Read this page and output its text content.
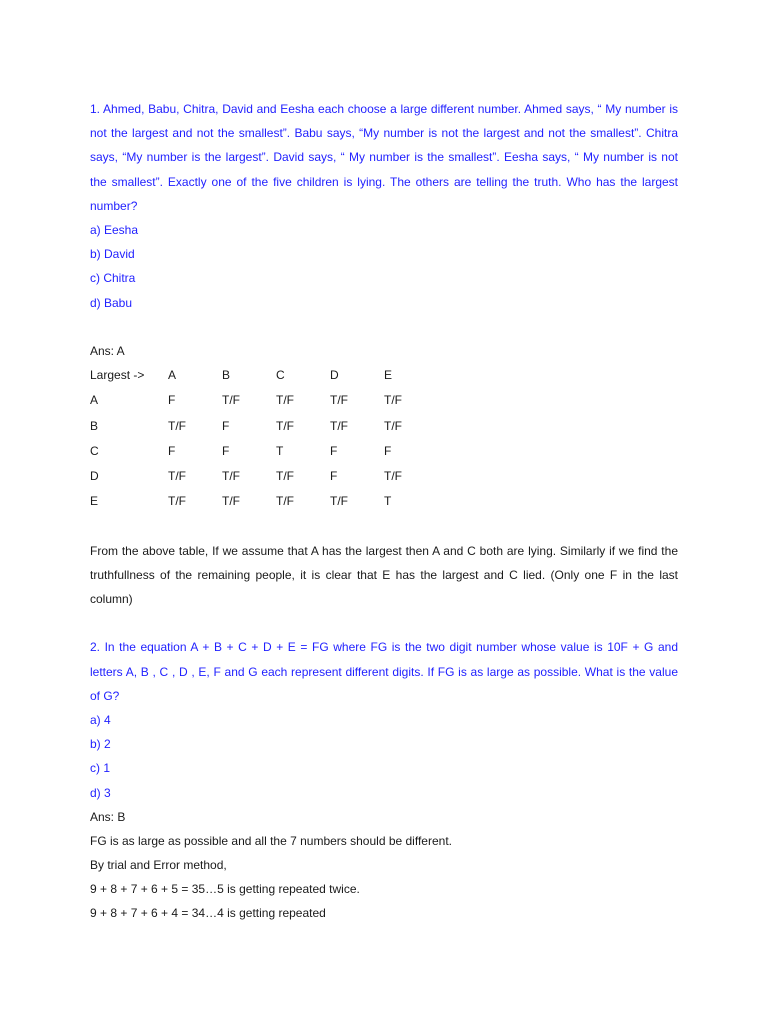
1. Ahmed, Babu, Chitra, David and Eesha each choose a large different number. Ahmed says, “ My number is not the largest and not the smallest”. Babu says, “My number is not the largest and not the smallest”. Chitra says, “My number is the largest”. David says, “ My number is the smallest”. Eesha says, “ My number is not the smallest”. Exactly one of the five children is lying. The others are telling the truth. Who has the largest number?

a) Eesha

b) David

c) Chitra

d) Babu

Ans: A

Largest ->	A	B	C	D	E
A	F	T/F	T/F	T/F	T/F
B	T/F	F	T/F	T/F	T/F
C	F	F	T	F	F
D	T/F	T/F	T/F	F	T/F
E	T/F	T/F	T/F	T/F	T

From the above table, If we assume that A has the largest then A and C both are lying. Similarly if we find the truthfullness of the remaining people, it is clear that E has the largest and C lied. (Only one F in the last column)

2. In the equation A + B + C + D + E = FG where FG is the two digit number whose value is 10F + G and letters A, B , C , D , E, F and G each represent different digits. If FG is as large as possible. What is the value of G?

a) 4

b) 2

c) 1

d) 3

Ans: B

FG is as large as possible and all the 7 numbers should be different.

By trial and Error method,

9 + 8 + 7 + 6 + 5 = 35…5 is getting repeated twice.

9 + 8 + 7 + 6 + 4 = 34…4 is getting repeated
